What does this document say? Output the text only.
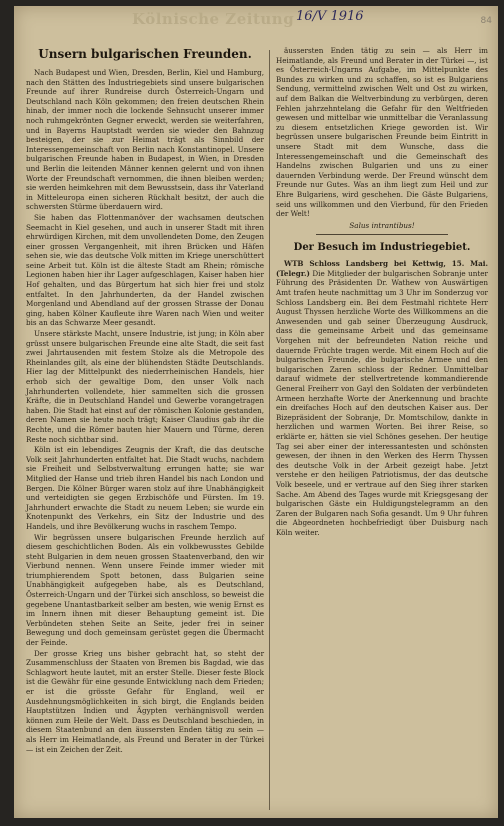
Kölnische Zeitung 16/V 1916	84
Unsern bulgarischen Freunden.

Nach Budapest und Wien, Dresden, Berlin, Kiel und Hamburg, nach den Stätten des Industriegebiets sind unsere bulgarischen Freunde auf ihrer Rundreise durch Österreich-Ungarn und Deutschland nach Köln gekommen; den freien deutschen Rhein hinab, der immer noch die lockende Sehnsucht unserer immer noch ruhmgekrönten Gegner erweckt, werden sie weiterfahren, und in Bayerns Hauptstadt werden sie wieder den Bahnzug besteigen, der sie zur Heimat trägt als Sinnbild der Interessengemeinschaft von Berlin nach Konstantinopel. Unsere bulgarischen Freunde haben in Budapest, in Wien, in Dresden und Berlin die leitenden Männer kennen gelernt und von ihnen Worte der Freundschaft vernommen, die ihnen bleiben werden; sie werden heimkehren mit dem Bewusstsein, dass ihr Vaterland in Mitteleuropa einen sicheren Rückhalt besitzt, der auch die schwersten Stürme überdauern wird.

Sie haben das Flottenmanöver der wachsamen deutschen Seemacht in Kiel gesehen, und auch in unserer Stadt mit ihren ehrwürdigen Kirchen, mit dem unvollendeten Dome, den Zeugen einer grossen Vergangenheit, mit ihren Brücken und Häfen sehen sie, wie das deutsche Volk mitten im Kriege unerschüttert seine Arbeit tut. Köln ist die älteste Stadt am Rhein; römische Legionen haben hier ihr Lager aufgeschlagen, Kaiser haben hier Hof gehalten, und das Bürgertum hat sich hier frei und stolz entfaltet. In den Jahrhunderten, da der Handel zwischen Morgenland und Abendland auf der grossen Strasse der Donau ging, haben Kölner Kaufleute ihre Waren nach Wien und weiter bis an das Schwarze Meer gesandt.

Unsere stärkste Macht, unsere Industrie, ist jung; in Köln aber grüsst unsere bulgarischen Freunde eine alte Stadt, die seit fast zwei Jahrtausenden mit festem Stolze als die Metropole des Rheinlandes gilt, als eine der blühendsten Städte Deutschlands. Hier lag der Mittelpunkt des niederrheinischen Handels, hier erhob sich der gewaltige Dom, den unser Volk nach Jahrhunderten vollendete, hier sammelten sich die grossen Kräfte, die in Deutschland Handel und Gewerbe vorangetragen haben. Die Stadt hat einst auf der römischen Kolonie gestanden, deren Namen sie heute noch trägt; Kaiser Claudius gab ihr die Rechte, und die Römer bauten hier Mauern und Türme, deren Reste noch sichtbar sind.

Köln ist ein lebendiges Zeugnis der Kraft, die das deutsche Volk seit Jahrhunderten entfaltet hat. Die Stadt wuchs, nachdem sie Freiheit und Selbstverwaltung errungen hatte; sie war Mitglied der Hanse und trieb ihren Handel bis nach London und Bergen. Die Kölner Bürger waren stolz auf ihre Unabhängigkeit und verteidigten sie gegen Erzbischöfe und Fürsten. Im 19. Jahrhundert erwachte die Stadt zu neuem Leben; sie wurde ein Knotenpunkt des Verkehrs, ein Sitz der Industrie und des Handels, und ihre Bevölkerung wuchs in raschem Tempo.

Wir begrüssen unsere bulgarischen Freunde herzlich auf diesem geschichtlichen Boden. Als ein volkbewusstes Gebilde steht Bulgarien in dem neuen grossen Staatenverband, den wir Vierbund nennen. Wenn unsere Feinde immer wieder mit triumphierendem Spott betonen, dass Bulgarien seine Unabhängigkeit aufgegeben habe, als es Deutschland, Österreich-Ungarn und der Türkei sich anschloss, so beweist die gegebene Unantastbarkeit selber am besten, wie wenig Ernst es im Innern ihnen mit dieser Behauptung gemeint ist. Die Verbündeten stehen Seite an Seite, jeder frei in seiner Bewegung und doch gemeinsam gerüstet gegen die Übermacht der Feinde.

Der grosse Krieg uns bisher gebracht hat, so steht der Zusammenschluss der Staaten von Bremen bis Bagdad, wie das Schlagwort heute lautet, mit an erster Stelle. Dieser feste Block ist die Gewähr für eine gesunde Entwicklung nach dem Frieden; er ist die grösste Gefahr für England, weil er Ausdehnungsmöglichkeiten in sich birgt, die Englands beiden Hauptstützen Indien und Ägypten verhängnisvoll werden können zum Heile der Welt. Dass es Deutschland beschieden, in diesem Staatenbund an den äussersten Enden tätig zu sein — als Herr im Heimatlande, als Freund und Berater in der Türkei — ist ein Zeichen der Zeit.

äussersten Enden tätig zu sein — als Herr im Heimatlande, als Freund und Berater in der Türkei —, ist es Österreich-Ungarns Aufgabe, im Mittelpunkte des Bundes zu wirken und zu schaffen, so ist es Bulgariens Sendung, vermittelnd zwischen Welt und Ost zu wirken, auf dem Balkan die Weltverbindung zu verbürgen, deren Fehlen jahrzehntelang die Gefahr für den Weltfrieden gewesen und mittelbar wie unmittelbar die Veranlassung zu diesem entsetzlichen Kriege geworden ist. Wir begrüssen unsere bulgarischen Freunde beim Eintritt in unsere Stadt mit dem Wunsche, dass die Interessengemeinschaft und die Gemeinschaft des Handelns zwischen Bulgarien und uns zu einer dauernden Verbindung werde. Der Freund wünscht dem Freunde nur Gutes. Was an ihm liegt zum Heil und zur Ehre Bulgariens, wird geschehen. Die Gäste Bulgariens, seid uns willkommen und den Vierbund, für den Frieden der Welt!

Salus intrantibus!
Der Besuch im Industriegebiet.

WTB Schloss Landsberg bei Kettwig, 15. Mai. (Telegr.) Die Mitglieder der bulgarischen Sobranje unter Führung des Präsidenten Dr. Wathew von Auswärtigen Amt trafen heute nachmittag um 3 Uhr im Sonderzug vor Schloss Landsberg ein. Bei dem Festmahl richtete Herr August Thyssen herzliche Worte des Willkommens an die Anwesenden und gab seiner Überzeugung Ausdruck, dass die gemeinsame Arbeit und das gemeinsame Vorgehen mit der befreundeten Nation reiche und dauernde Früchte tragen werde. Mit einem Hoch auf die bulgarischen Freunde, die bulgarische Armee und den bulgarischen Zaren schloss der Redner. Unmittelbar darauf widmete der stellvertretende kommandierende General Freiherr von Gayl den Soldaten der verbündeten Armeen herzhafte Worte der Anerkennung und brachte ein dreifaches Hoch auf den deutschen Kaiser aus. Der Bizepräsident der Sobranje, Dr. Momtschilow, dankte in herzlichen und warmen Worten. Bei ihrer Reise, so erklärte er, hätten sie viel Schönes gesehen. Der heutige Tag sei aber einer der interessantesten und schönsten gewesen, der ihnen in den Werken des Herrn Thyssen des deutsche Volk in der Arbeit gezeigt habe. Jetzt verstehe er den heiligen Patriotismus, der das deutsche Volk beseele, und er vertraue auf den Sieg ihrer starken Sache. Am Abend des Tages wurde mit Kriegsgesang der bulgarischen Gäste ein Huldigungstelegramm an den Zaren der Bulgaren nach Sofia gesandt. Um 9 Uhr fuhren die Abgeordneten hochbefriedigt über Duisburg nach Köln weiter.
